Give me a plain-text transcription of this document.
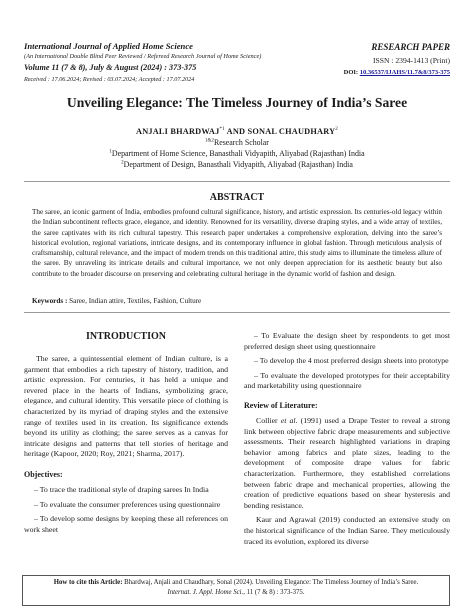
International Journal of Applied Home Science
(An International Double Blind Peer Reviewed / Refereed Research Journal of Home Science)
Volume 11 (7 & 8), July & August (2024) : 373-375
Received : 17.06.2024; Revised : 03.07.2024; Accepted : 17.07.2024
RESEARCH PAPER
ISSN : 2394-1413 (Print)
DOI: 10.36537/IJAHS/11.7&8/373-375
Unveiling Elegance: The Timeless Journey of India’s Saree
ANJALI BHARDWAJ$^{*1}$ AND SONAL CHAUDHARY$^2$
$^{1\&2}$Research Scholar
$^1$Department of Home Science, Banasthali Vidyapith, Aliyabad (Rajasthan) India
$^2$Department of Design, Banasthali Vidyapith, Aliyabad (Rajasthan) India
ABSTRACT

The saree, an iconic garment of India, embodies profound cultural significance, history, and artistic expression. Its centuries-old legacy within the Indian subcontinent reflects grace, elegance, and identity. Renowned for its versatility, diverse draping styles, and a wide array of textiles, the saree captivates with its rich cultural tapestry. This research paper undertakes a comprehensive exploration, delving into the saree’s historical evolution, regional variations, intricate designs, and its contemporary influence in global fashion. Through meticulous analysis of craftsmanship, cultural relevance, and the impact of modern trends on this traditional attire, this study aims to illuminate the timeless allure of the saree. By unraveling its intricate details and cultural importance, we not only deepen appreciation for its aesthetic beauty but also contribute to the broader discourse on preserving and celebrating cultural heritage in the dynamic world of fashion and design.

Keywords : Saree, Indian attire, Textiles, Fashion, Culture
INTRODUCTION

The saree, a quintessential element of Indian culture, is a garment that embodies a rich tapestry of history, tradition, and artistic expression. For centuries, it has held a unique and revered place in the hearts of Indians, symbolizing grace, elegance, and cultural identity. This versatile piece of clothing is characterized by its myriad of draping styles and the extensive range of textiles used in its creation. Its significance extends beyond its utility as clothing; the saree serves as a canvas for intricate designs and patterns that tell stories of heritage and heritage (Kapoor, 2020; Roy, 2021; Sharma, 2017).

Objectives:

– To trace the traditional style of draping sarees In India

– To evaluate the consumer preferences using questionnaire

– To develop some designs by keeping these all references on work sheet

– To Evaluate the design sheet by respondents to get most preferred design sheet using questionnaire

– To develop the 4 most preferred design sheets into prototype

– To evaluate the developed prototypes for their acceptability and marketability using questionnaire

Review of Literature:

Collier et al. (1991) used a Drape Tester to reveal a strong link between objective fabric drape measurements and subjective assessments. Their research highlighted variations in draping behavior among fabrics and plate sizes, leading to the development of composite drape values for fabric characterization. Furthermore, they established correlations between fabric drape and mechanical properties, allowing the creation of predictive equations based on shear hysteresis and bending resistance.

Kaur and Agrawal (2019) conducted an extensive study on the historical significance of the Indian Saree. They meticulously traced its evolution, explored its diverse

How to cite this Article: Bhardwaj, Anjali and Chaudhary, Sonal (2024). Unveiling Elegance: The Timeless Journey of India’s Saree.
Internat. J. Appl. Home Sci., 11 (7 & 8) : 373-375.
